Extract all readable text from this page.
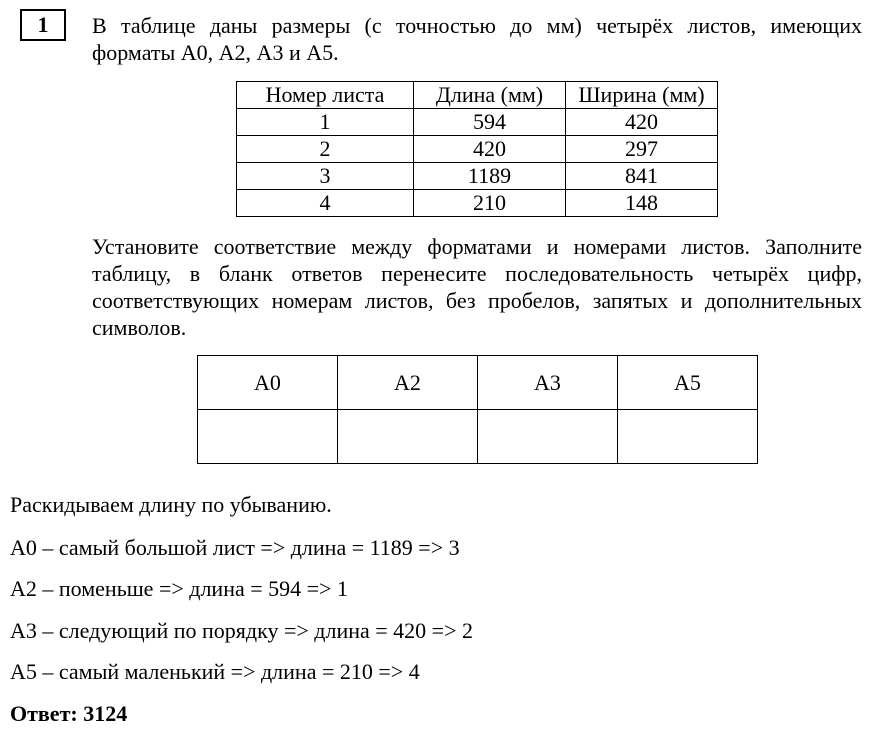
1	В таблице даны размеры (с точностью до мм) четырёх листов, имеющих форматы А0, А2, А3 и А5.

Номер листа	Длина (мм)	Ширина (мм)
1	594	420
2	420	297
3	1189	841
4	210	148

Установите соответствие между форматами и номерами листов. Заполните таблицу, в бланк ответов перенесите последовательность четырёх цифр, соответствующих номерам листов, без пробелов, запятых и дополнительных символов.

А0	А2	А3	А5

Раскидываем длину по убыванию.

А0 – самый большой лист => длина = 1189 => 3

А2 – поменьше => длина = 594 => 1

А3 – следующий по порядку => длина = 420 => 2

А5 – самый маленький => длина = 210 => 4

Ответ: 3124
